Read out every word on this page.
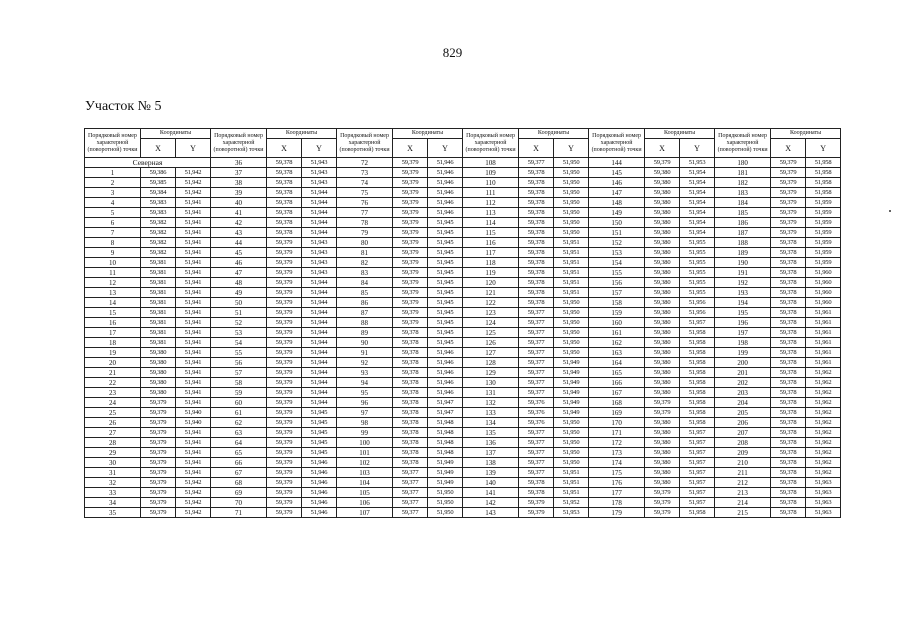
829
Участок № 5
Порядковый номер характерной (поворотной) точки	Координаты		Порядковый номер характерной (поворотной) точки	Координаты		Порядковый номер характерной (поворотной) точки	Координаты		Порядковый номер характерной (поворотной) точки	Координаты		Порядковый номер характерной (поворотной) точки	Координаты		Порядковый номер характерной (поворотной) точки	Координаты	
	X	Y		X	Y		X	Y		X	Y		X	Y		X	Y
Северная			36	59,378	51,943	72	59,379	51,946	108	59,377	51,950	144	59,379	51,953	180	59,379	51,958
1	59,386	51,942	37	59,378	51,943	73	59,379	51,946	109	59,378	51,950	145	59,380	51,954	181	59,379	51,958
2	59,385	51,942	38	59,378	51,943	74	59,379	51,946	110	59,378	51,950	146	59,380	51,954	182	59,379	51,958
3	59,384	51,942	39	59,378	51,944	75	59,379	51,946	111	59,378	51,950	147	59,380	51,954	183	59,379	51,958
4	59,383	51,941	40	59,378	51,944	76	59,379	51,946	112	59,378	51,950	148	59,380	51,954	184	59,379	51,959
5	59,383	51,941	41	59,378	51,944	77	59,379	51,946	113	59,378	51,950	149	59,380	51,954	185	59,379	51,959
6	59,382	51,941	42	59,378	51,944	78	59,379	51,945	114	59,378	51,950	150	59,380	51,954	186	59,379	51,959
7	59,382	51,941	43	59,378	51,944	79	59,379	51,945	115	59,378	51,950	151	59,380	51,954	187	59,379	51,959
8	59,382	51,941	44	59,379	51,943	80	59,379	51,945	116	59,378	51,951	152	59,380	51,955	188	59,378	51,959
9	59,382	51,941	45	59,379	51,943	81	59,379	51,945	117	59,378	51,951	153	59,380	51,955	189	59,378	51,959
10	59,381	51,941	46	59,379	51,943	82	59,379	51,945	118	59,378	51,951	154	59,380	51,955	190	59,378	51,959
11	59,381	51,941	47	59,379	51,943	83	59,379	51,945	119	59,378	51,951	155	59,380	51,955	191	59,378	51,960
12	59,381	51,941	48	59,379	51,944	84	59,379	51,945	120	59,378	51,951	156	59,380	51,955	192	59,378	51,960
13	59,381	51,941	49	59,379	51,944	85	59,379	51,945	121	59,378	51,951	157	59,380	51,955	193	59,378	51,960
14	59,381	51,941	50	59,379	51,944	86	59,379	51,945	122	59,378	51,950	158	59,380	51,956	194	59,378	51,960
15	59,381	51,941	51	59,379	51,944	87	59,379	51,945	123	59,377	51,950	159	59,380	51,956	195	59,378	51,961
16	59,381	51,941	52	59,379	51,944	88	59,379	51,945	124	59,377	51,950	160	59,380	51,957	196	59,378	51,961
17	59,381	51,941	53	59,379	51,944	89	59,378	51,945	125	59,377	51,950	161	59,380	51,958	197	59,378	51,961
18	59,381	51,941	54	59,379	51,944	90	59,378	51,945	126	59,377	51,950	162	59,380	51,958	198	59,378	51,961
19	59,380	51,941	55	59,379	51,944	91	59,378	51,946	127	59,377	51,950	163	59,380	51,958	199	59,378	51,961
20	59,380	51,941	56	59,379	51,944	92	59,378	51,946	128	59,377	51,949	164	59,380	51,958	200	59,378	51,961
21	59,380	51,941	57	59,379	51,944	93	59,378	51,946	129	59,377	51,949	165	59,380	51,958	201	59,378	51,962
22	59,380	51,941	58	59,379	51,944	94	59,378	51,946	130	59,377	51,949	166	59,380	51,958	202	59,378	51,962
23	59,380	51,941	59	59,379	51,944	95	59,378	51,946	131	59,377	51,949	167	59,380	51,958	203	59,378	51,962
24	59,379	51,941	60	59,379	51,944	96	59,378	51,947	132	59,376	51,949	168	59,379	51,958	204	59,378	51,962
25	59,379	51,940	61	59,379	51,945	97	59,378	51,947	133	59,376	51,949	169	59,379	51,958	205	59,378	51,962
26	59,379	51,940	62	59,379	51,945	98	59,378	51,948	134	59,376	51,950	170	59,380	51,958	206	59,378	51,962
27	59,379	51,941	63	59,379	51,945	99	59,378	51,948	135	59,377	51,950	171	59,380	51,957	207	59,378	51,962
28	59,379	51,941	64	59,379	51,945	100	59,378	51,948	136	59,377	51,950	172	59,380	51,957	208	59,378	51,962
29	59,379	51,941	65	59,379	51,945	101	59,378	51,948	137	59,377	51,950	173	59,380	51,957	209	59,378	51,962
30	59,379	51,941	66	59,379	51,946	102	59,378	51,949	138	59,377	51,950	174	59,380	51,957	210	59,378	51,962
31	59,379	51,941	67	59,379	51,946	103	59,377	51,949	139	59,377	51,951	175	59,380	51,957	211	59,378	51,962
32	59,379	51,942	68	59,379	51,946	104	59,377	51,949	140	59,378	51,951	176	59,380	51,957	212	59,378	51,963
33	59,379	51,942	69	59,379	51,946	105	59,377	51,950	141	59,378	51,951	177	59,379	51,957	213	59,378	51,963
34	59,379	51,942	70	59,379	51,946	106	59,377	51,950	142	59,379	51,952	178	59,379	51,957	214	59,378	51,963
35	59,379	51,942	71	59,379	51,946	107	59,377	51,950	143	59,379	51,953	179	59,379	51,958	215	59,378	51,963
